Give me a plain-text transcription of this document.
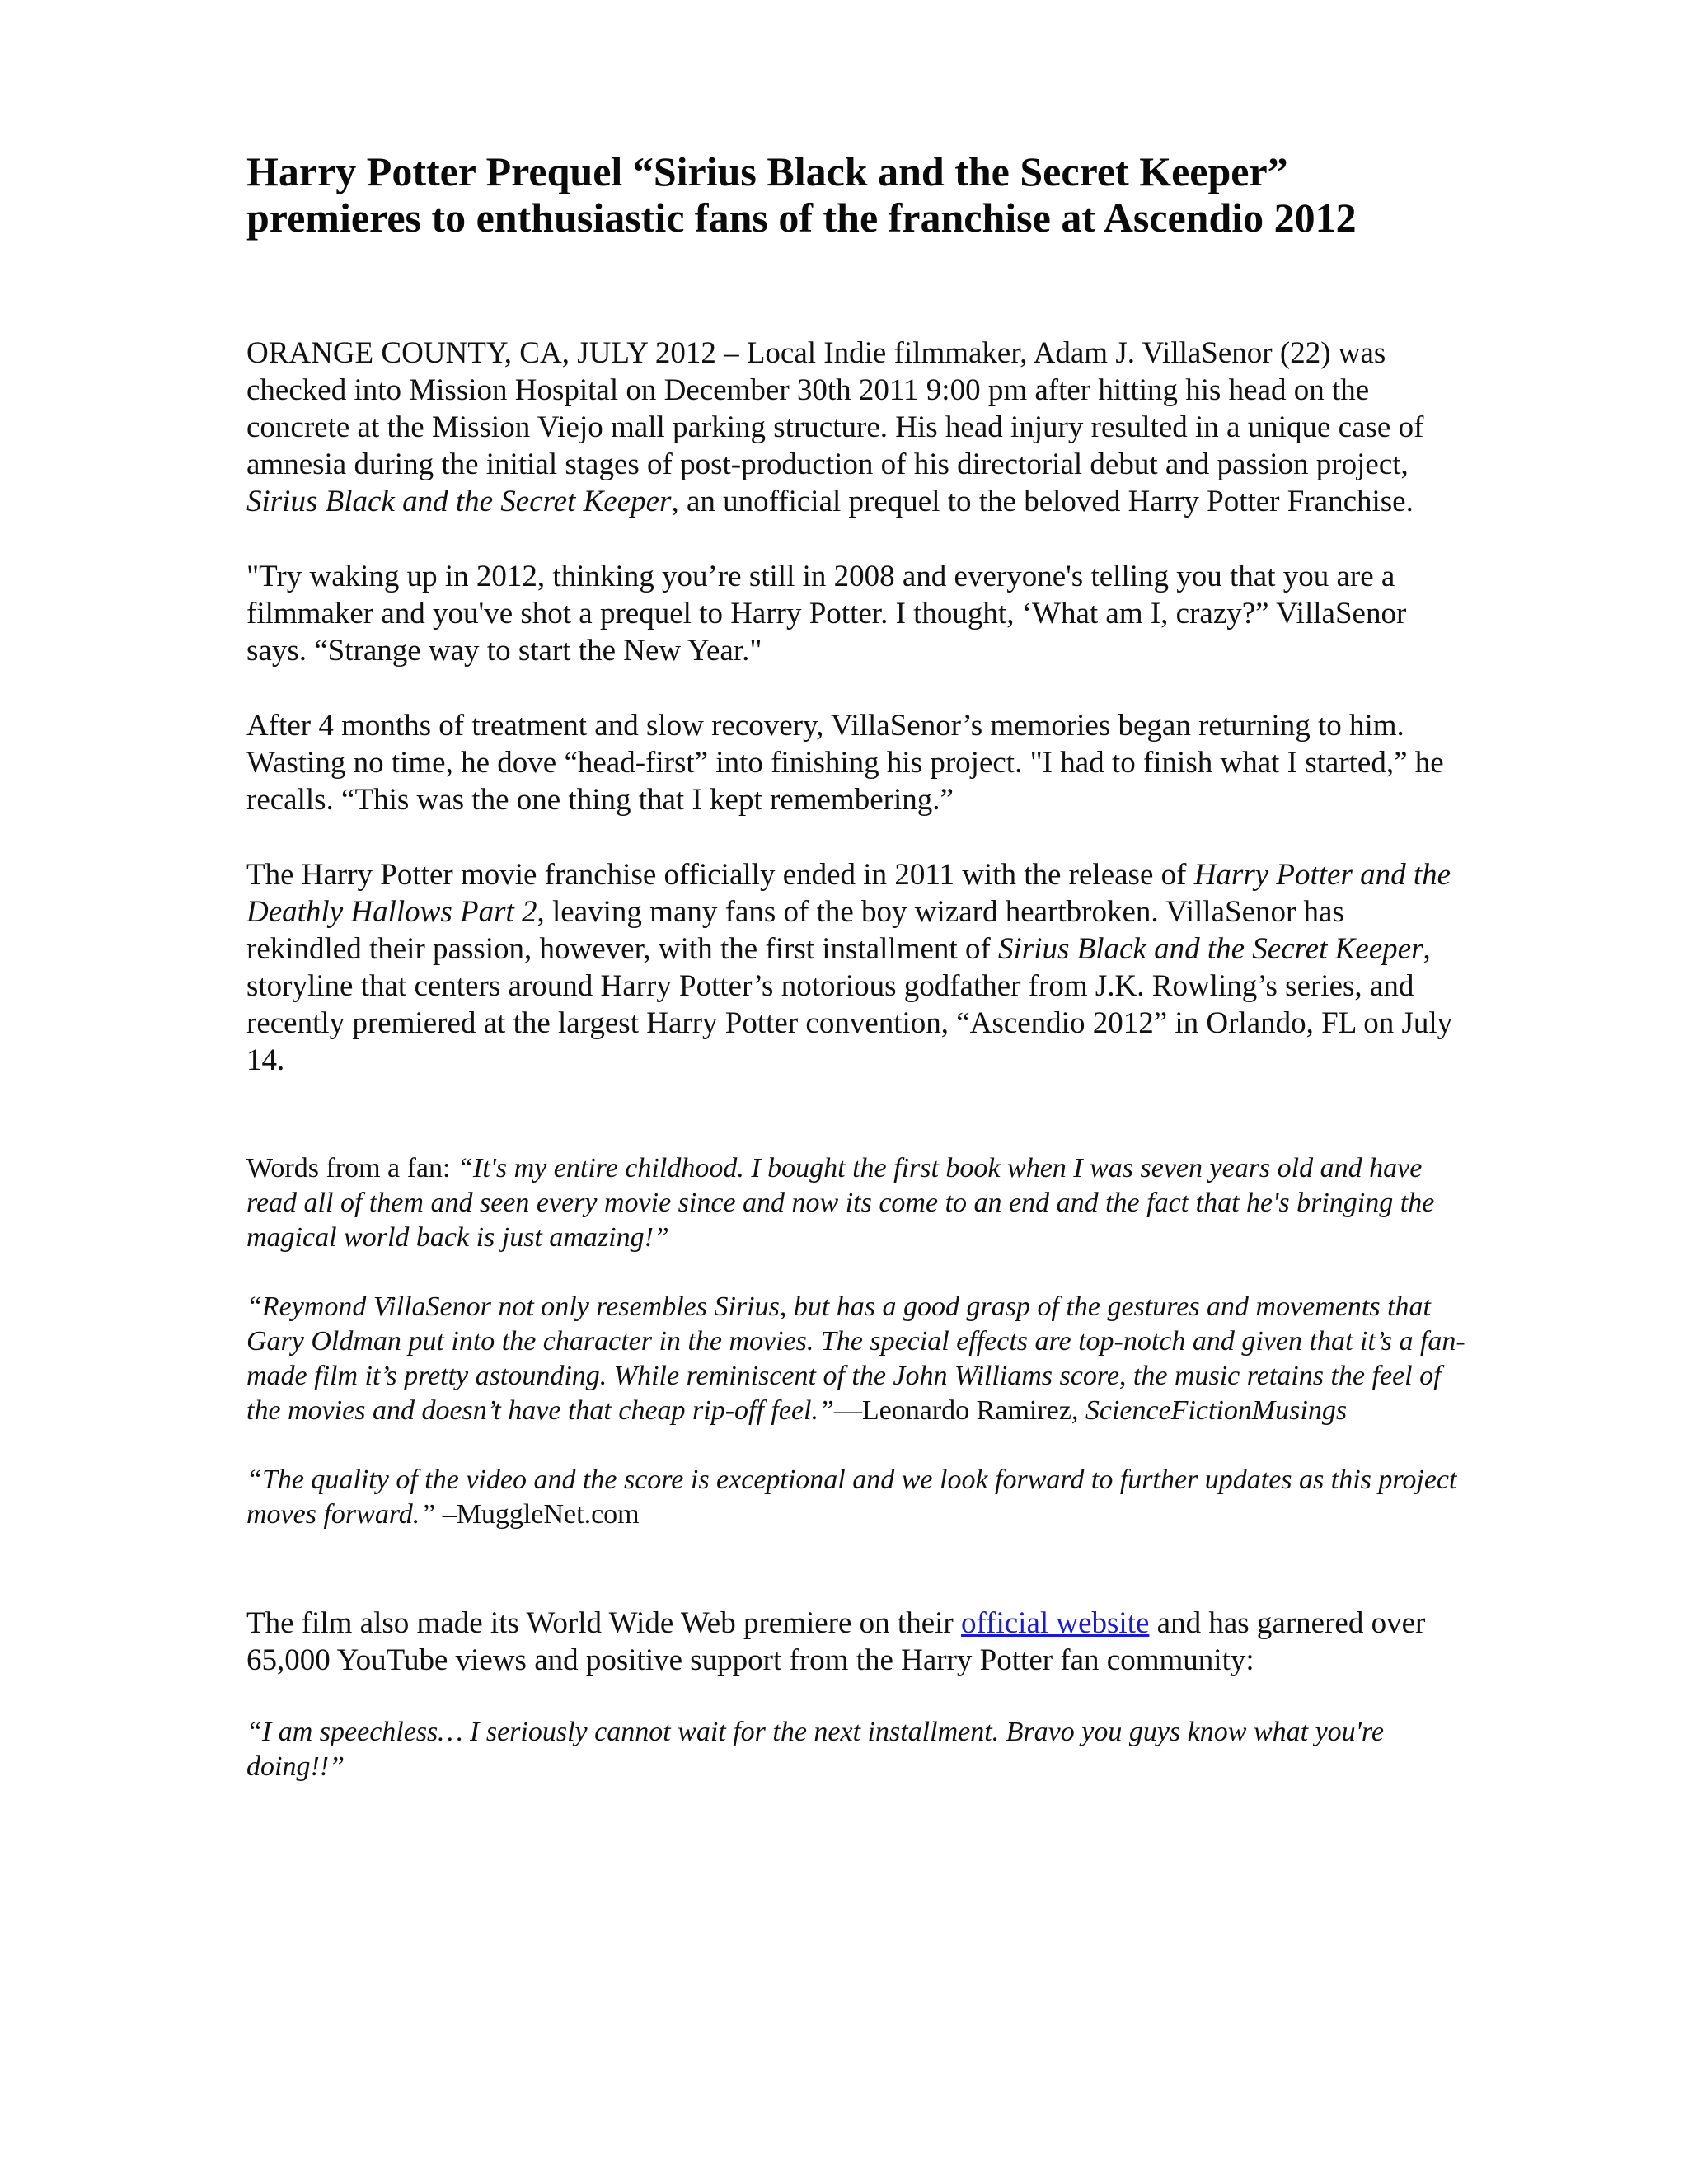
Harry Potter Prequel “Sirius Black and the Secret Keeper”
premieres to enthusiastic fans of the franchise at Ascendio 2012

ORANGE COUNTY, CA, JULY 2012 – Local Indie filmmaker, Adam J. VillaSenor (22) was checked into Mission Hospital on December 30th 2011 9:00 pm after hitting his head on the concrete at the Mission Viejo mall parking structure. His head injury resulted in a unique case of amnesia during the initial stages of post-production of his directorial debut and passion project, Sirius Black and the Secret Keeper, an unofficial prequel to the beloved Harry Potter Franchise.

"Try waking up in 2012, thinking you’re still in 2008 and everyone's telling you that you are a filmmaker and you've shot a prequel to Harry Potter. I thought, ‘What am I, crazy?” VillaSenor says. “Strange way to start the New Year."

After 4 months of treatment and slow recovery, VillaSenor’s memories began returning to him. Wasting no time, he dove “head-first” into finishing his project. "I had to finish what I started,” he recalls. “This was the one thing that I kept remembering.”

The Harry Potter movie franchise officially ended in 2011 with the release of Harry Potter and the Deathly Hallows Part 2, leaving many fans of the boy wizard heartbroken. VillaSenor has rekindled their passion, however, with the first installment of Sirius Black and the Secret Keeper, storyline that centers around Harry Potter’s notorious godfather from J.K. Rowling’s series, and recently premiered at the largest Harry Potter convention, “Ascendio 2012” in Orlando, FL on July 14.

Words from a fan: “It's my entire childhood. I bought the first book when I was seven years old and have read all of them and seen every movie since and now its come to an end and the fact that he's bringing the magical world back is just amazing!”

“Reymond VillaSenor not only resembles Sirius, but has a good grasp of the gestures and movements that Gary Oldman put into the character in the movies. The special effects are top-notch and given that it’s a fan-made film it’s pretty astounding. While reminiscent of the John Williams score, the music retains the feel of the movies and doesn’t have that cheap rip-off feel.”—Leonardo Ramirez, ScienceFictionMusings

“The quality of the video and the score is exceptional and we look forward to further updates as this project moves forward.” –MuggleNet.com

The film also made its World Wide Web premiere on their official website and has garnered over 65,000 YouTube views and positive support from the Harry Potter fan community:

“I am speechless… I seriously cannot wait for the next installment. Bravo you guys know what you're doing!!”
